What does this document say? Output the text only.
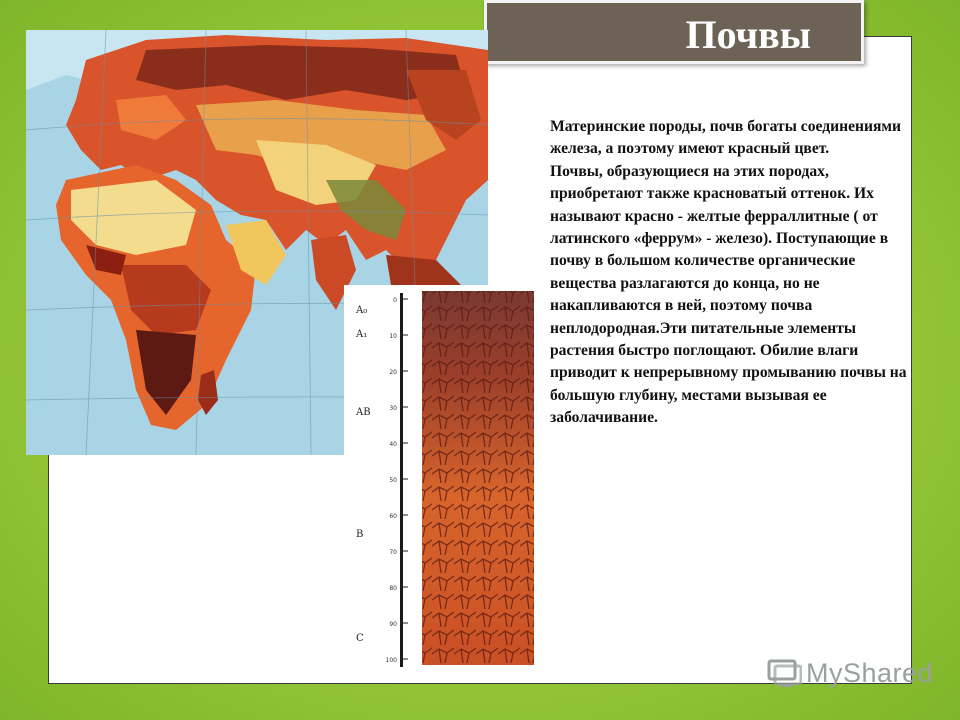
Почвы
0
10
20
30
40
50
60
70
80
90
100
A₀
A₁
AB
B
C
Материнские породы, почв богаты соединениями железа, а поэтому имеют красный цвет.
Почвы, образующиеся на этих породах, приобретают также красноватый оттенок. Их называют красно - желтые ферраллитные ( от латинского «феррум» - железо). Поступающие в почву в большом количестве органические вещества разлагаются до конца, но не накапливаются в ней, поэтому почва неплодородная.Эти питательные элементы растения быстро поглощают. Обилие влаги приводит к непрерывному промыванию почвы на большую глубину, местами вызывая ее заболачивание.
MyShared
